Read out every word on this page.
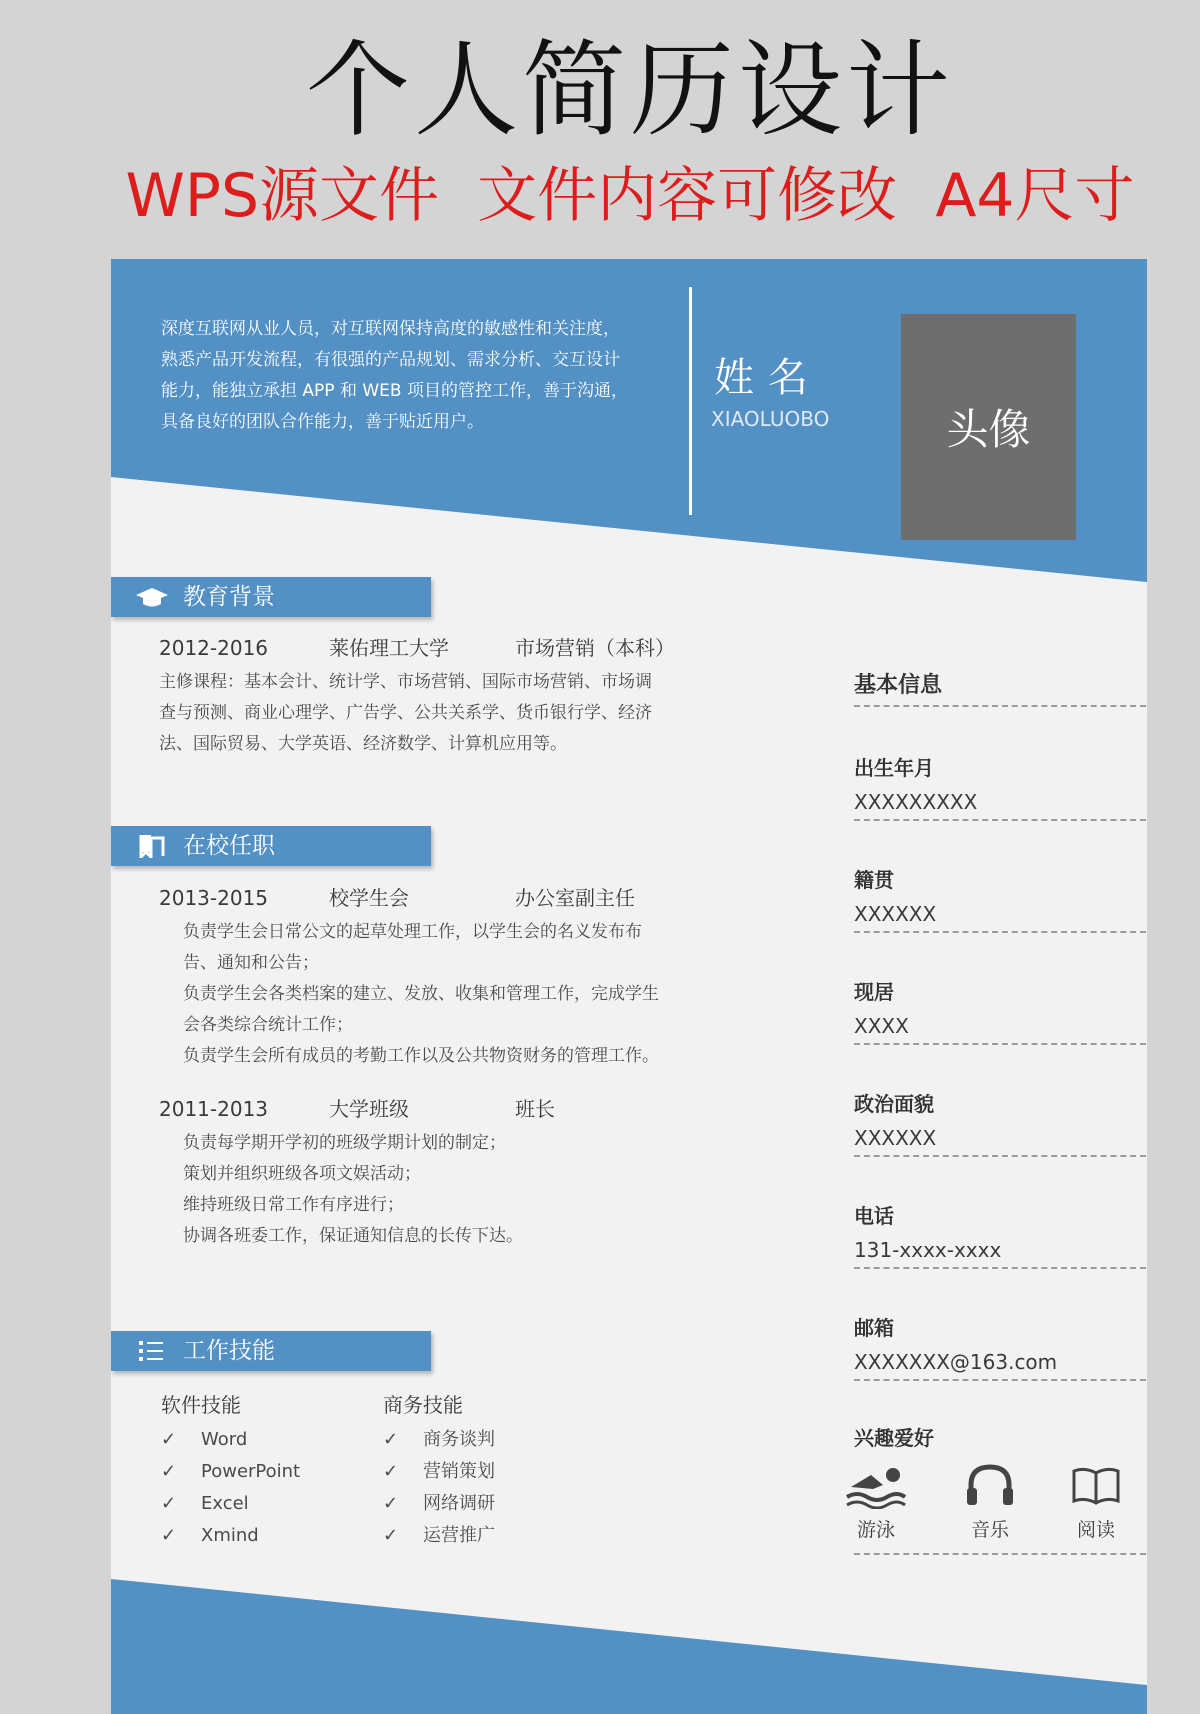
个人简历设计
WPS源文件  文件内容可修改  A4尺寸
深度互联网从业人员，对互联网保持高度的敏感性和关注度，
熟悉产品开发流程，有很强的产品规划、需求分析、交互设计
能力，能独立承担 APP 和 WEB 项目的管控工作，善于沟通，
具备良好的团队合作能力，善于贴近用户。
姓名
XIAOLUOBO	头像
教育背景
2012-2016	莱佑理工大学	市场营销（本科）
主修课程：基本会计、统计学、市场营销、国际市场营销、市场调
查与预测、商业心理学、广告学、公共关系学、货币银行学、经济
法、国际贸易、大学英语、经济数学、计算机应用等。
在校任职
2013-2015	校学生会	办公室副主任
负责学生会日常公文的起草处理工作，以学生会的名义发布布
告、通知和公告；
负责学生会各类档案的建立、发放、收集和管理工作，完成学生
会各类综合统计工作；
负责学生会所有成员的考勤工作以及公共物资财务的管理工作。
2011-2013	大学班级	班长
负责每学期开学初的班级学期计划的制定；
策划并组织班级各项文娱活动；
维持班级日常工作有序进行；
协调各班委工作，保证通知信息的长传下达。
工作技能
软件技能
✓ Word
✓ PowerPoint
✓ Excel
✓ Xmind
商务技能
✓ 商务谈判
✓ 营销策划
✓ 网络调研
✓ 运营推广
基本信息
出生年月
XXXXXXXXX
籍贯
XXXXXX
现居
XXXX
政治面貌
XXXXXX
电话
131-xxxx-xxxx
邮箱
XXXXXXX@163.com
兴趣爱好
游泳	音乐	阅读
